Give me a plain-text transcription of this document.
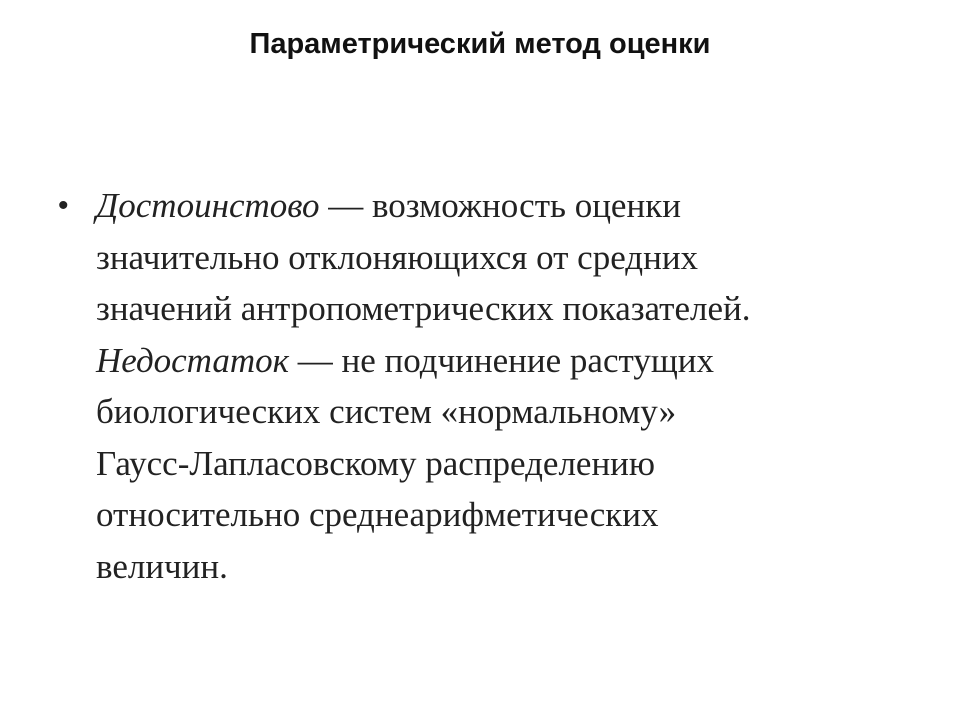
Параметрический метод оценки
• Достоинстово — возможность оценки
значительно отклоняющихся от средних
значений антропометрических показателей.
Недостаток — не подчинение растущих
биологических систем «нормальному»
Гаусс-Лапласовскому распределению
относительно среднеарифметических
величин.
